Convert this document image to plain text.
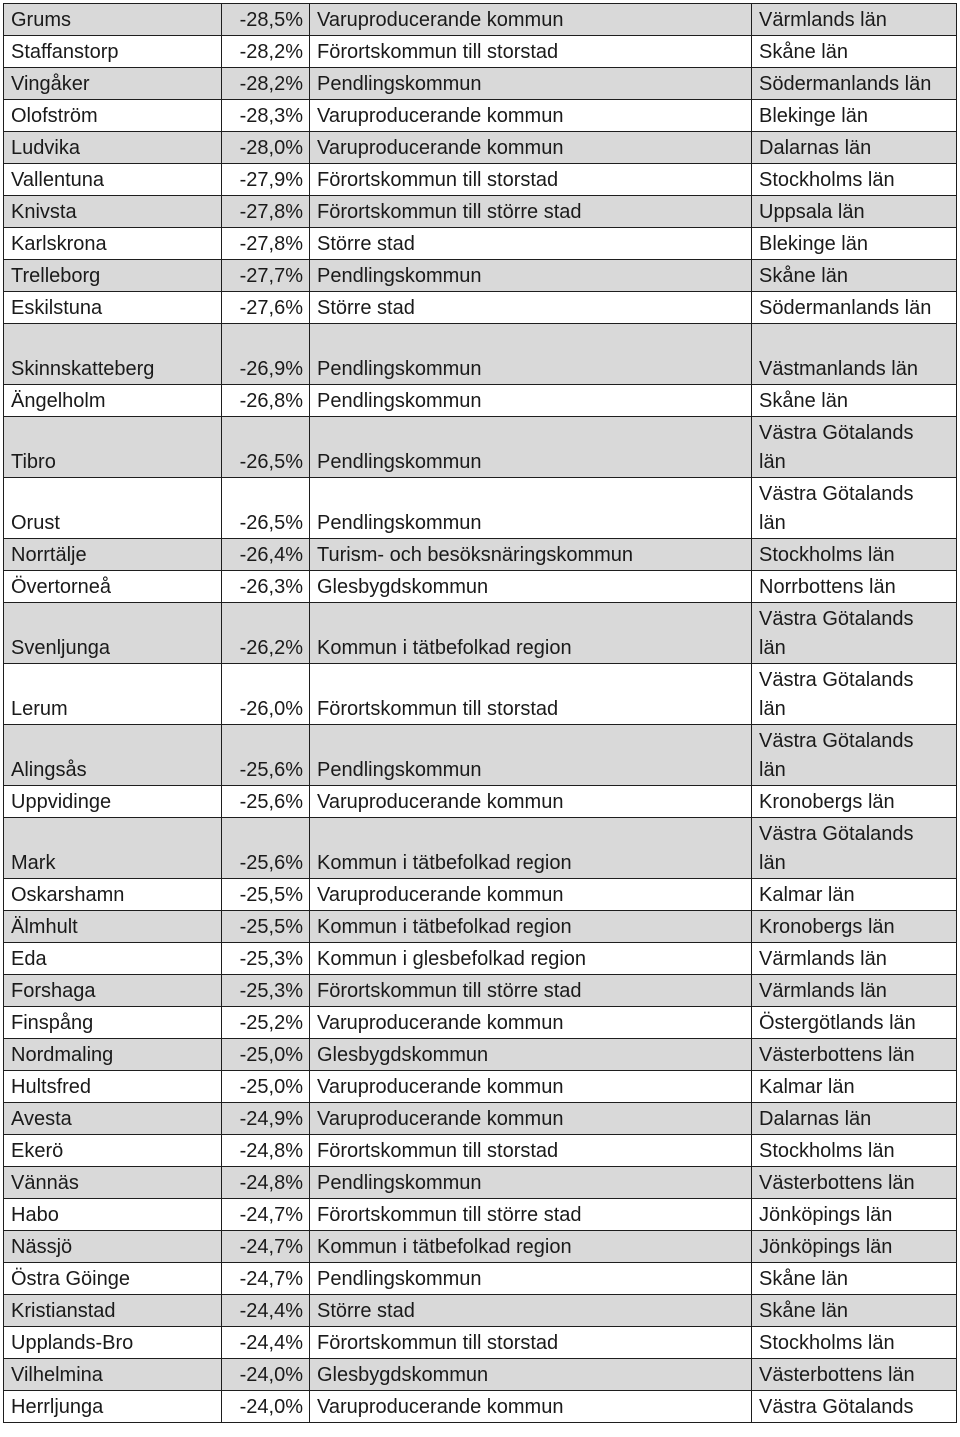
Grums	-28,5%	Varuproducerande kommun	Värmlands län
Staffanstorp	-28,2%	Förortskommun till storstad	Skåne län
Vingåker	-28,2%	Pendlingskommun	Södermanlands län
Olofström	-28,3%	Varuproducerande kommun	Blekinge län
Ludvika	-28,0%	Varuproducerande kommun	Dalarnas län
Vallentuna	-27,9%	Förortskommun till storstad	Stockholms län
Knivsta	-27,8%	Förortskommun till större stad	Uppsala län
Karlskrona	-27,8%	Större stad	Blekinge län
Trelleborg	-27,7%	Pendlingskommun	Skåne län
Eskilstuna	-27,6%	Större stad	Södermanlands län
Skinnskatteberg	-26,9%	Pendlingskommun	Västmanlands län
Ängelholm	-26,8%	Pendlingskommun	Skåne län
Tibro	-26,5%	Pendlingskommun	Västra Götalands län
Orust	-26,5%	Pendlingskommun	Västra Götalands län
Norrtälje	-26,4%	Turism- och besöksnäringskommun	Stockholms län
Övertorneå	-26,3%	Glesbygdskommun	Norrbottens län
Svenljunga	-26,2%	Kommun i tätbefolkad region	Västra Götalands län
Lerum	-26,0%	Förortskommun till storstad	Västra Götalands län
Alingsås	-25,6%	Pendlingskommun	Västra Götalands län
Uppvidinge	-25,6%	Varuproducerande kommun	Kronobergs län
Mark	-25,6%	Kommun i tätbefolkad region	Västra Götalands län
Oskarshamn	-25,5%	Varuproducerande kommun	Kalmar län
Älmhult	-25,5%	Kommun i tätbefolkad region	Kronobergs län
Eda	-25,3%	Kommun i glesbefolkad region	Värmlands län
Forshaga	-25,3%	Förortskommun till större stad	Värmlands län
Finspång	-25,2%	Varuproducerande kommun	Östergötlands län
Nordmaling	-25,0%	Glesbygdskommun	Västerbottens län
Hultsfred	-25,0%	Varuproducerande kommun	Kalmar län
Avesta	-24,9%	Varuproducerande kommun	Dalarnas län
Ekerö	-24,8%	Förortskommun till storstad	Stockholms län
Vännäs	-24,8%	Pendlingskommun	Västerbottens län
Habo	-24,7%	Förortskommun till större stad	Jönköpings län
Nässjö	-24,7%	Kommun i tätbefolkad region	Jönköpings län
Östra Göinge	-24,7%	Pendlingskommun	Skåne län
Kristianstad	-24,4%	Större stad	Skåne län
Upplands-Bro	-24,4%	Förortskommun till storstad	Stockholms län
Vilhelmina	-24,0%	Glesbygdskommun	Västerbottens län
Herrljunga	-24,0%	Varuproducerande kommun	Västra Götalands
